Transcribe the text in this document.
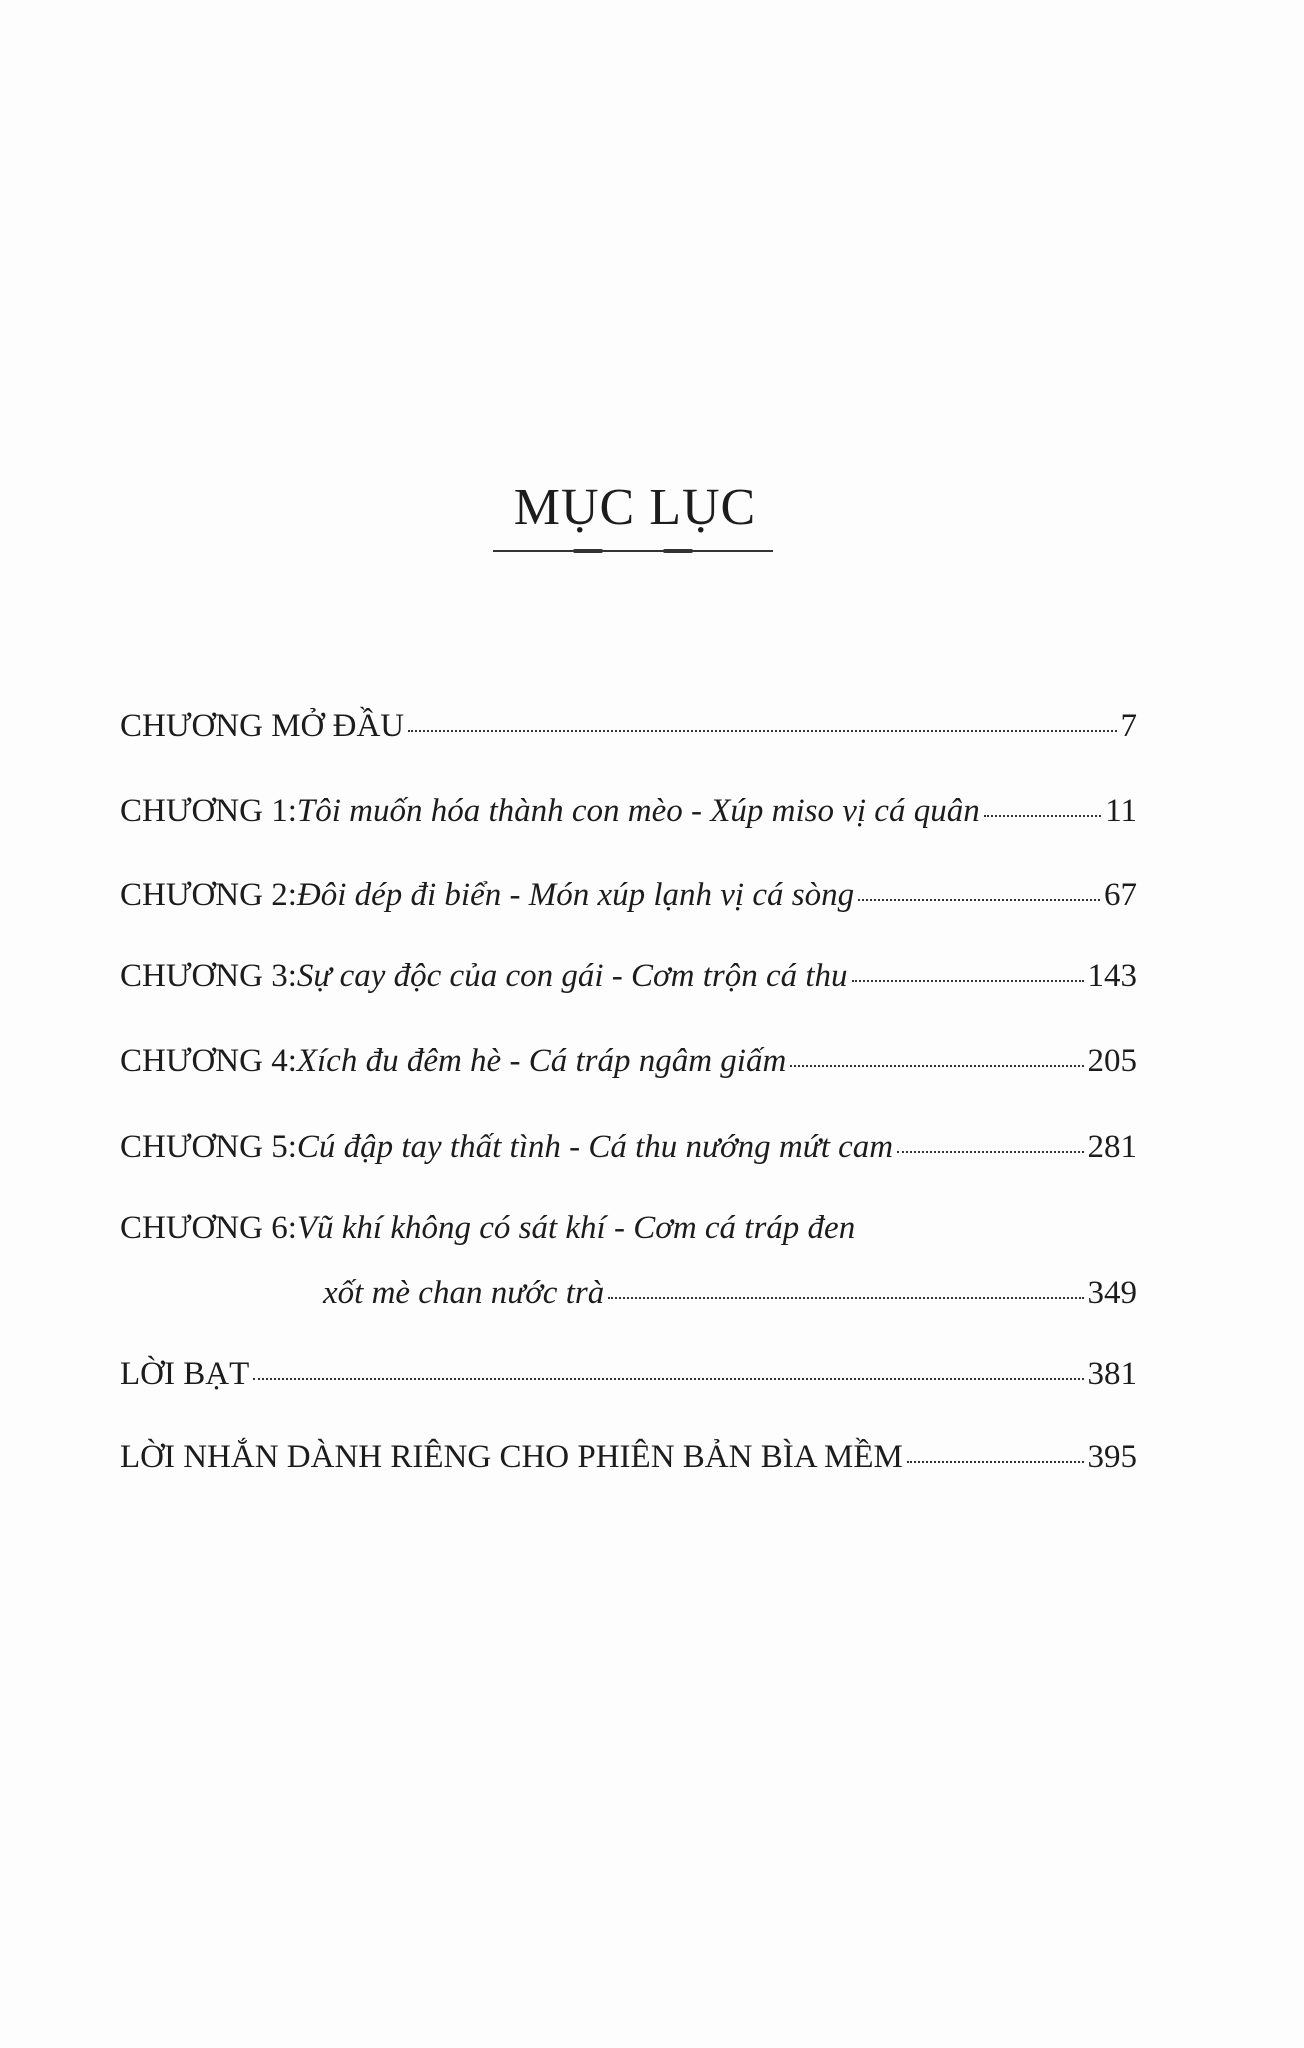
MỤC LỤC
CHƯƠNG MỞ ĐẦU	7
CHƯƠNG 1: Tôi muốn hóa thành con mèo - Xúp miso vị cá quân	11
CHƯƠNG 2: Đôi dép đi biển - Món xúp lạnh vị cá sòng	67
CHƯƠNG 3: Sự cay độc của con gái - Cơm trộn cá thu	143
CHƯƠNG 4: Xích đu đêm hè - Cá tráp ngâm giấm	205
CHƯƠNG 5: Cú đập tay thất tình - Cá thu nướng mứt cam	281
CHƯƠNG 6: Vũ khí không có sát khí - Cơm cá tráp đen
xốt mè chan nước trà	349
LỜI BẠT	381
LỜI NHẮN DÀNH RIÊNG CHO PHIÊN BẢN BÌA MỀM	395
